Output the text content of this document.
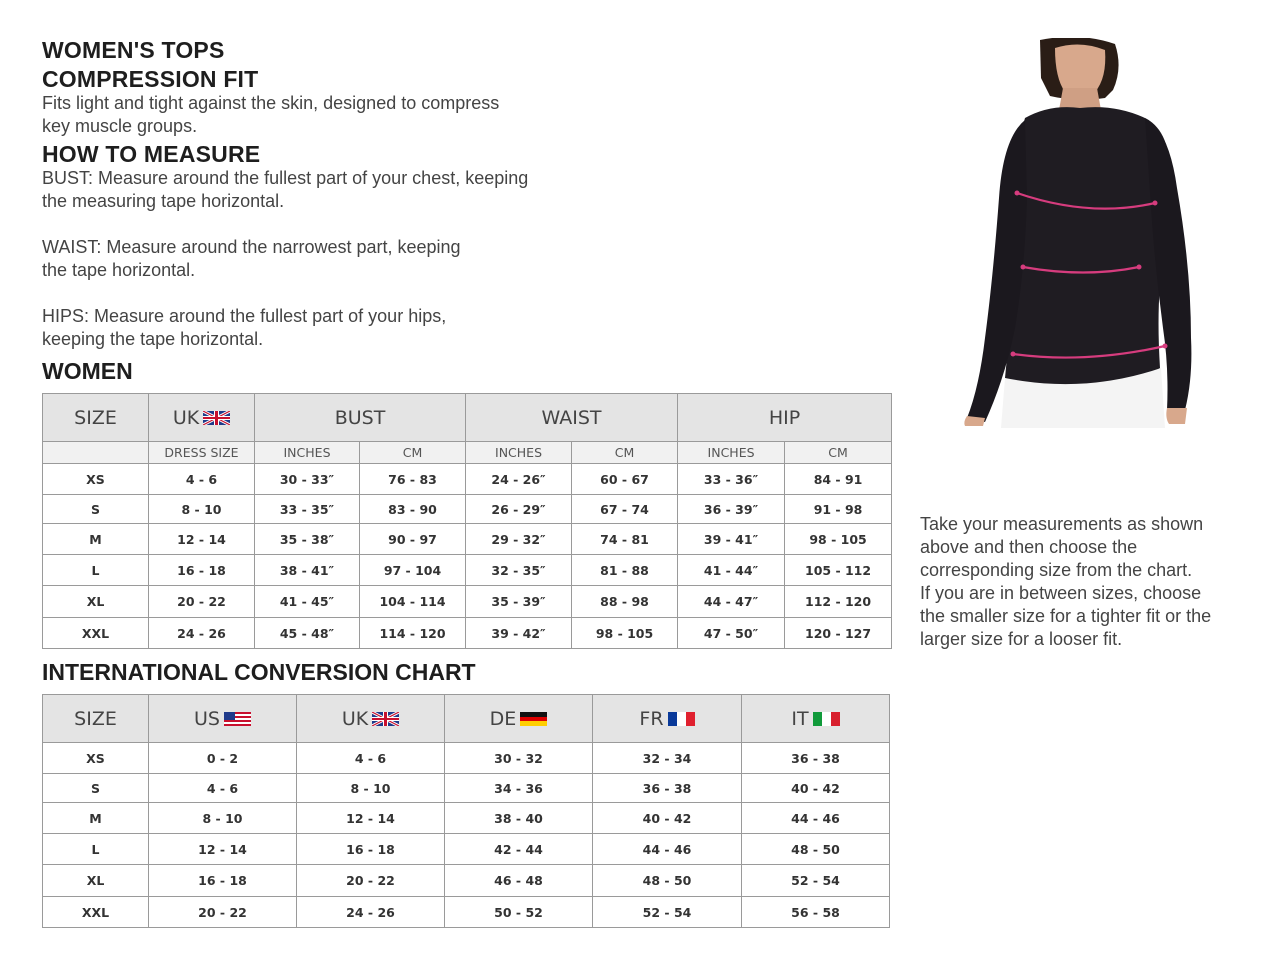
WOMEN'S TOPS
COMPRESSION FIT
Fits light and tight against the skin, designed to compress
key muscle groups.
HOW TO MEASURE
BUST: Measure around the fullest part of your chest, keeping
the measuring tape horizontal.
WAIST: Measure around the narrowest part, keeping
the tape horizontal.
HIPS: Measure around the fullest part of your hips,
keeping the tape horizontal.
WOMEN
SIZE	UK	BUST		WAIST		HIP	
	DRESS SIZE	INCHES	CM	INCHES	CM	INCHES	CM
XS	4 - 6	30 - 33″	76 - 83	24 - 26″	60 - 67	33 - 36″	84 - 91
S	8 - 10	33 - 35″	83 - 90	26 - 29″	67 - 74	36 - 39″	91 - 98
M	12 - 14	35 - 38″	90 - 97	29 - 32″	74 - 81	39 - 41″	98 - 105
L	16 - 18	38 - 41″	97 - 104	32 - 35″	81 - 88	41 - 44″	105 - 112
XL	20 - 22	41 - 45″	104 - 114	35 - 39″	88 - 98	44 - 47″	112 - 120
XXL	24 - 26	45 - 48″	114 - 120	39 - 42″	98 - 105	47 - 50″	120 - 127
INTERNATIONAL CONVERSION CHART
SIZE	US	UK	DE	FR	IT
XS	0 - 2	4 - 6	30 - 32	32 - 34	36 - 38
S	4 - 6	8 - 10	34 - 36	36 - 38	40 - 42
M	8 - 10	12 - 14	38 - 40	40 - 42	44 - 46
L	12 - 14	16 - 18	42 - 44	44 - 46	48 - 50
XL	16 - 18	20 - 22	46 - 48	48 - 50	52 - 54
XXL	20 - 22	24 - 26	50 - 52	52 - 54	56 - 58
Take your measurements as shown
above and then choose the
corresponding size from the chart.
If you are in between sizes, choose
the smaller size for a tighter fit or the
larger size for a looser fit.
